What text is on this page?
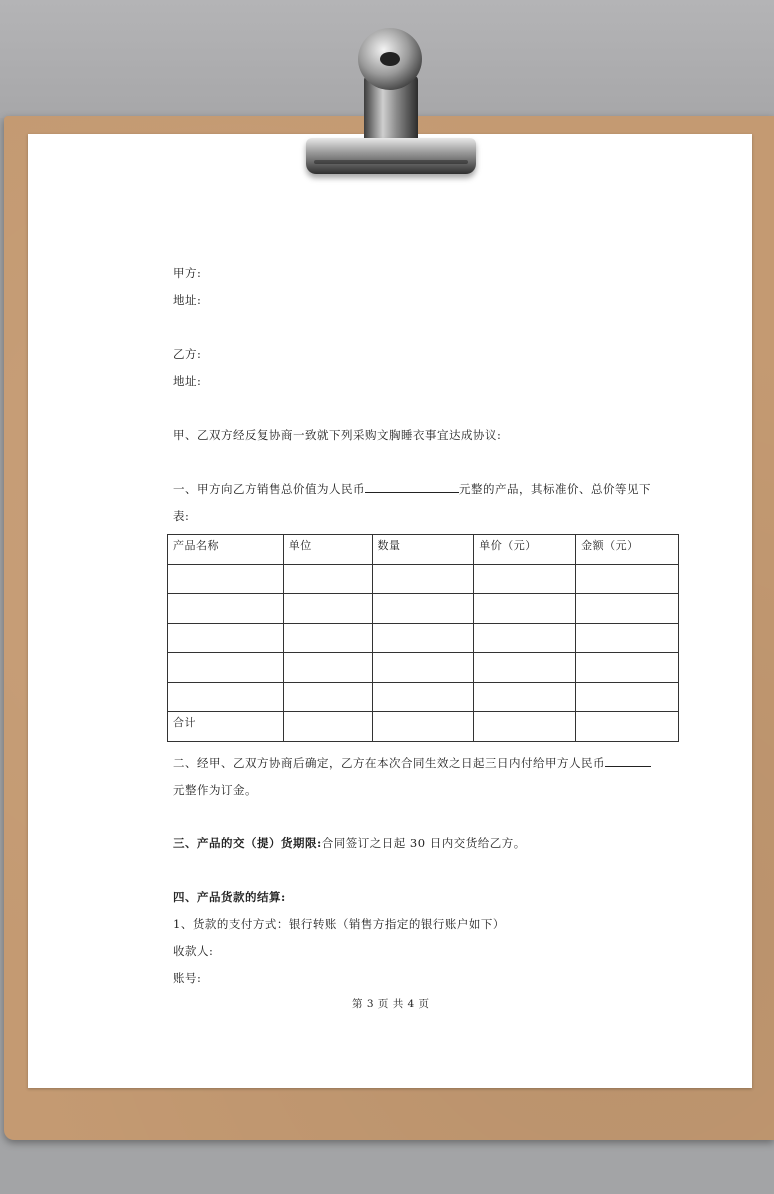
甲方:
地址:
乙方:
地址:
甲、乙双方经反复协商一致就下列采购文胸睡衣事宜达成协议:
一、甲方向乙方销售总价值为人民币	元整的产品，其标准价、总价等见下
表:
产品名称	单位	数量	单价（元）	金额（元）

合计				
二、经甲、乙双方协商后确定，乙方在本次合同生效之日起三日内付给甲方人民币
元整作为订金。
三、产品的交（提）货期限:合同签订之日起 30 日内交货给乙方。
四、产品货款的结算:
1、货款的支付方式：银行转账（销售方指定的银行账户如下）
收款人:
账号:
第 3 页 共 4 页
